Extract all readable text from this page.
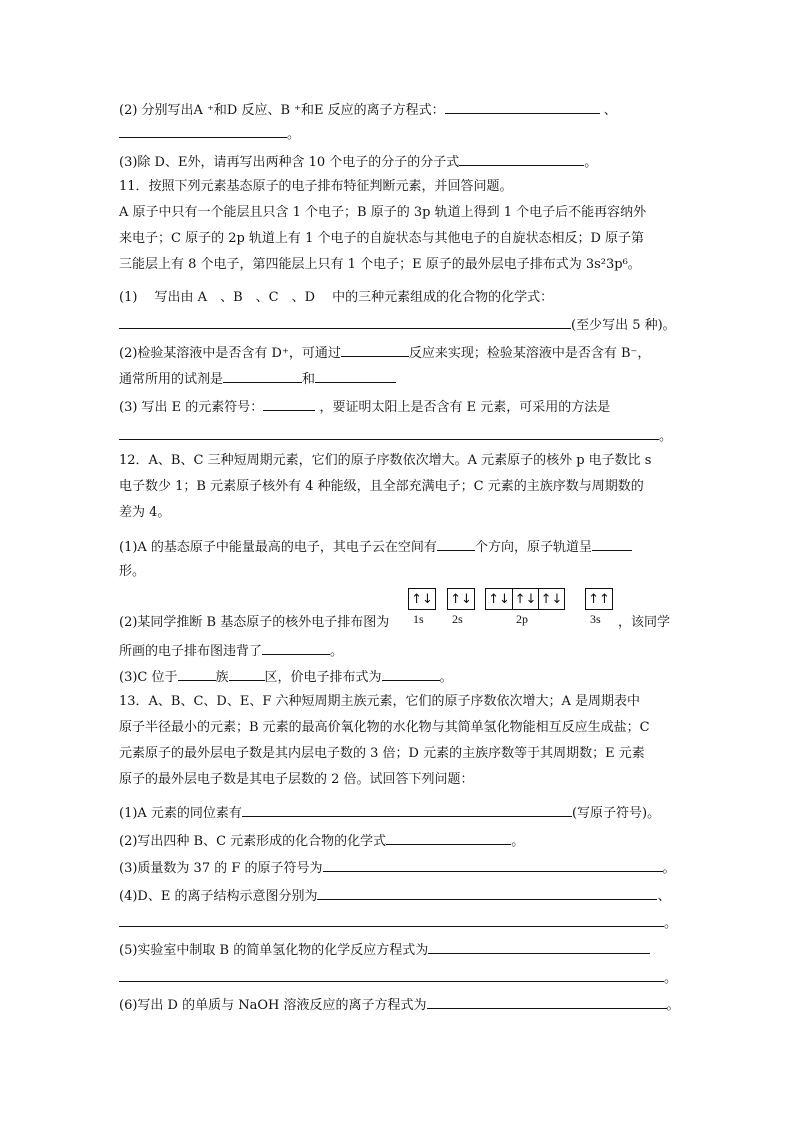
(2) 分别写出A ⁺和D 反应、B ⁺和E 反应的离子方程式：	、
。
(3)除 D、E外，请再写出两种含 10 个电子的分子的分子式	。
11．按照下列元素基态原子的电子排布特征判断元素，并回答问题。
A 原子中只有一个能层且只含 1 个电子；B 原子的 3p 轨道上得到 1 个电子后不能再容纳外
来电子；C 原子的 2p 轨道上有 1 个电子的自旋状态与其他电子的自旋状态相反；D 原子第
三能层上有 8 个电子，第四能层上只有 1 个电子；E 原子的最外层电子排布式为 3s²3p⁶。
(1)　 写出由 A　、B　、C　、D　 中的三种元素组成的化合物的化学式：
(至少写出 5 种)。
(2)检验某溶液中是否含有 D⁺，可通过	反应来实现；检验某溶液中是否含有 B⁻，
通常所用的试剂是	和
(3) 写出 E 的元素符号：	，要证明太阳上是否含有 E 元素，可采用的方法是
。
12．A、B、C 三种短周期元素，它们的原子序数依次增大。A 元素原子的核外 p 电子数比 s
电子数少 1；B 元素原子核外有 4 种能级，且全部充满电子；C 元素的主族序数与周期数的
差为 4。
(1)A 的基态原子中能量最高的电子，其电子云在空间有	个方向，原子轨道呈
形。
(2)某同学推断 B 基态原子的核外电子排布图为	，该同学
所画的电子排布图违背了	。
(3)C 位于	族	区，价电子排布式为	。
13．A、B、C、D、E、F 六种短周期主族元素，它们的原子序数依次增大；A 是周期表中
原子半径最小的元素；B 元素的最高价氧化物的水化物与其简单氢化物能相互反应生成盐；C
元素原子的最外层电子数是其内层电子数的 3 倍；D 元素的主族序数等于其周期数；E 元素
原子的最外层电子数是其电子层数的 2 倍。试回答下列问题：
(1)A 元素的同位素有	(写原子符号)。
(2)写出四种 B、C 元素形成的化合物的化学式	。
(3)质量数为 37 的 F 的原子符号为	。
(4)D、E 的离子结构示意图分别为	、
。
(5)实验室中制取 B 的简单氢化物的化学反应方程式为
。
(6)写出 D 的单质与 NaOH 溶液反应的离子方程式为	。
↑↓
1s
↑↓
2s
↑↓ ↑↓ ↑↓
2p
↑↑
3s
